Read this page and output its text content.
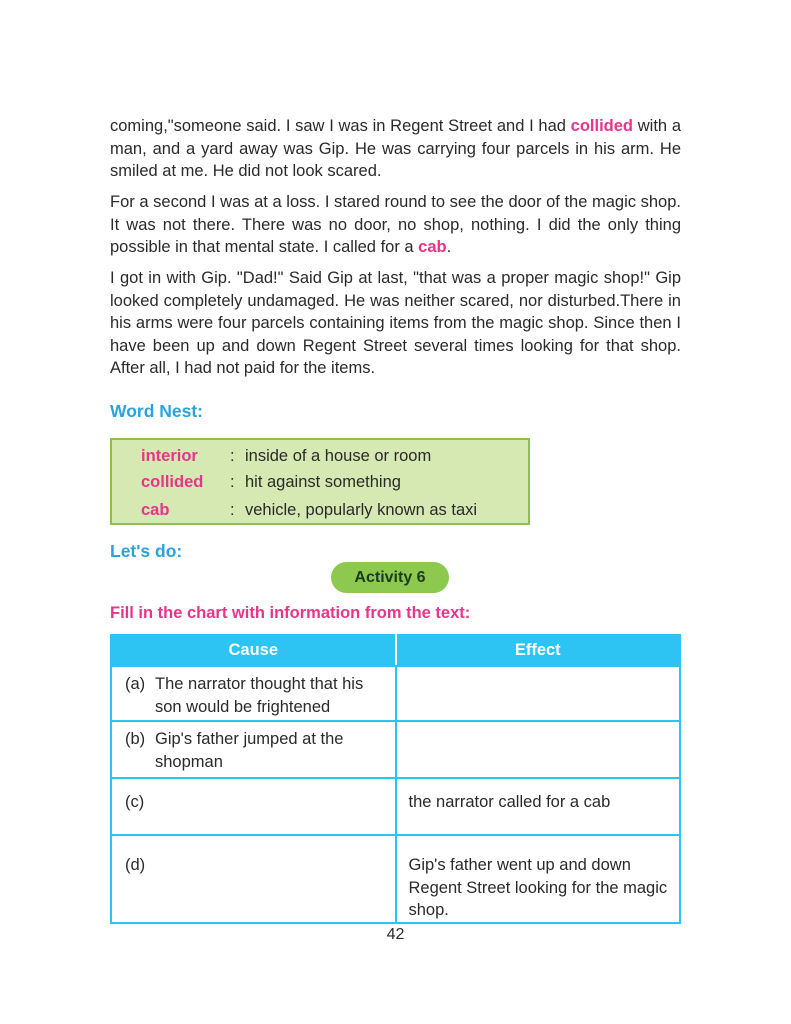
coming,"someone said. I saw I was in Regent Street and I had collided with a man, and a yard away was Gip. He was carrying four parcels in his arm. He smiled at me. He did not look scared.

For a second I was at a loss. I stared round to see the door of the magic shop. It was not there. There was no door, no shop, nothing. I did the only thing possible in that mental state. I called for a cab.

I got in with Gip. "Dad!" Said Gip at last, "that was a proper magic shop!" Gip looked completely undamaged. He was neither scared, nor disturbed.There in his arms were four parcels containing items from the magic shop. Since then I have been up and down Regent Street several times looking for that shop. After all, I had not paid for the items.

Word Nest:
interior : inside of a house or room
collided : hit against something
cab	: vehicle, popularly known as taxi
Let's do:
Activity 6
Fill in the chart with information from the text:
Cause	Effect
(a) The narrator thought that his son would be frightened	

(b) Gip's father jumped at the shopman	

(c)	the narrator called for a cab

(d)	Gip's father went up and down Regent Street looking for the magic shop.
42
